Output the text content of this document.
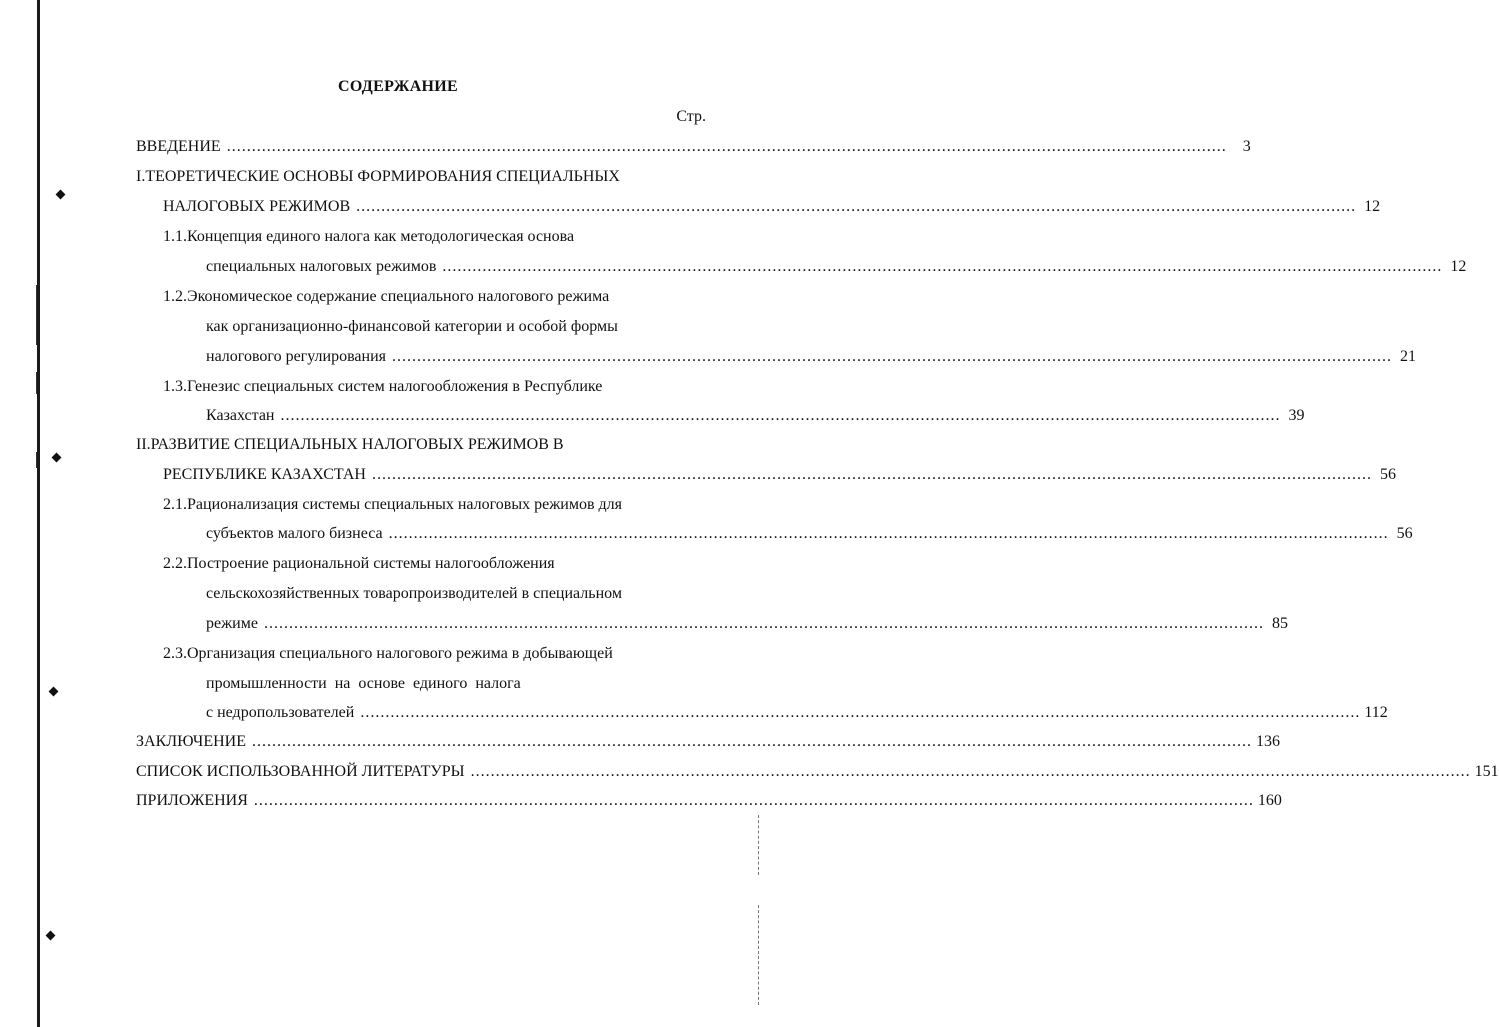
СОДЕРЖАНИЕ
Стр.
ВВЕДЕНИЕ ........................................................................................................................................................................................................	3
I.ТЕОРЕТИЧЕСКИЕ ОСНОВЫ ФОРМИРОВАНИЯ СПЕЦИАЛЬНЫХ
НАЛОГОВЫХ РЕЖИМОВ ........................................................................................................................................................................................................ 12
1.1.Концепция единого налога как методологическая основа
специальных налоговых режимов ........................................................................................................................................................................................................ 12
1.2.Экономическое содержание специального налогового режима
как организационно-финансовой категории и особой формы
налогового регулирования ........................................................................................................................................................................................................ 21
1.3.Генезис специальных систем налогообложения в Республике
Казахстан ........................................................................................................................................................................................................ 39
II.РАЗВИТИЕ СПЕЦИАЛЬНЫХ НАЛОГОВЫХ РЕЖИМОВ В
РЕСПУБЛИКЕ КАЗАХСТАН ........................................................................................................................................................................................................ 56
2.1.Рационализация системы специальных налоговых режимов для
субъектов малого бизнеса ........................................................................................................................................................................................................ 56
2.2.Построение рациональной системы налогообложения
сельскохозяйственных товаропроизводителей в специальном
режиме ........................................................................................................................................................................................................ 85
2.3.Организация специального налогового режима в добывающей
промышленности  на  основе  единого  налога
с недропользователей ........................................................................................................................................................................................................ 112
ЗАКЛЮЧЕНИЕ ........................................................................................................................................................................................................ 136
СПИСОК ИСПОЛЬЗОВАННОЙ ЛИТЕРАТУРЫ ........................................................................................................................................................................................................ 151
ПРИЛОЖЕНИЯ ........................................................................................................................................................................................................ 160
